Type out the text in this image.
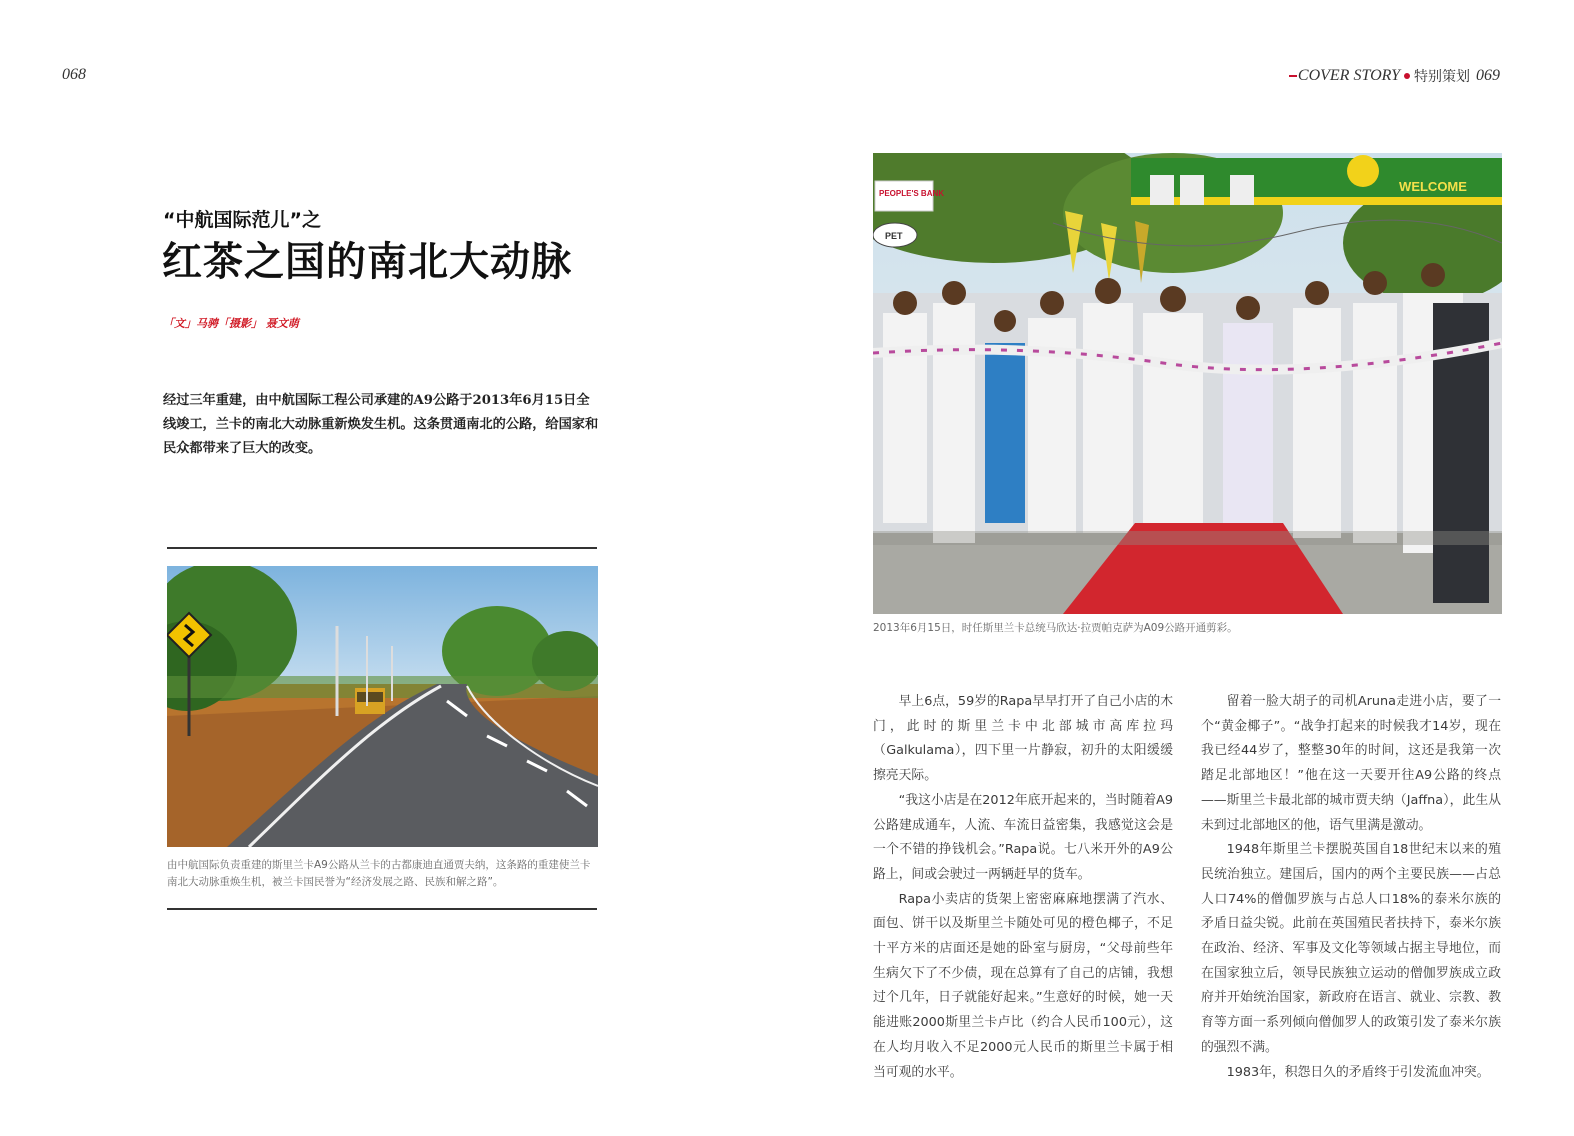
068	COVER STORY 特别策划 069
“中航国际范儿”之
红茶之国的南北大动脉
「文」马骋「摄影」 聂文萌
经过三年重建，由中航国际工程公司承建的A9公路于2013年6月15日全线竣工，兰卡的南北大动脉重新焕发生机。这条贯通南北的公路，给国家和民众都带来了巨大的改变。
由中航国际负责重建的斯里兰卡A9公路从兰卡的古都康迪直通贾夫纳，这条路的重建使兰卡南北大动脉重焕生机，被兰卡国民誉为“经济发展之路、民族和解之路”。
WELCOME
PEOPLE'S BANK
PET
2013年6月15日，时任斯里兰卡总统马欣达·拉贾帕克萨为A09公路开通剪彩。

早上6点，59岁的Rapa早早打开了自己小店的木门，此时的斯里兰卡中北部城市高库拉玛（Galkulama），四下里一片静寂，初升的太阳缓缓擦亮天际。

“我这小店是在2012年底开起来的，当时随着A9公路建成通车，人流、车流日益密集，我感觉这会是一个不错的挣钱机会。”Rapa说。七八米开外的A9公路上，间或会驶过一两辆赶早的货车。

Rapa小卖店的货架上密密麻麻地摆满了汽水、面包、饼干以及斯里兰卡随处可见的橙色椰子，不足十平方米的店面还是她的卧室与厨房，“父母前些年生病欠下了不少债，现在总算有了自己的店铺，我想过个几年，日子就能好起来。”生意好的时候，她一天能进账2000斯里兰卡卢比（约合人民币100元），这在人均月收入不足2000元人民币的斯里兰卡属于相当可观的水平。

留着一脸大胡子的司机Aruna走进小店，要了一个“黄金椰子”。“战争打起来的时候我才14岁，现在我已经44岁了，整整30年的时间，这还是我第一次踏足北部地区！”他在这一天要开往A9公路的终点——斯里兰卡最北部的城市贾夫纳（Jaffna），此生从未到过北部地区的他，语气里满是激动。

1948年斯里兰卡摆脱英国自18世纪末以来的殖民统治独立。建国后，国内的两个主要民族——占总人口74%的僧伽罗族与占总人口18%的泰米尔族的矛盾日益尖锐。此前在英国殖民者扶持下，泰米尔族在政治、经济、军事及文化等领域占据主导地位，而在国家独立后，领导民族独立运动的僧伽罗族成立政府并开始统治国家，新政府在语言、就业、宗教、教育等方面一系列倾向僧伽罗人的政策引发了泰米尔族的强烈不满。

1983年，积怨日久的矛盾终于引发流血冲突。
